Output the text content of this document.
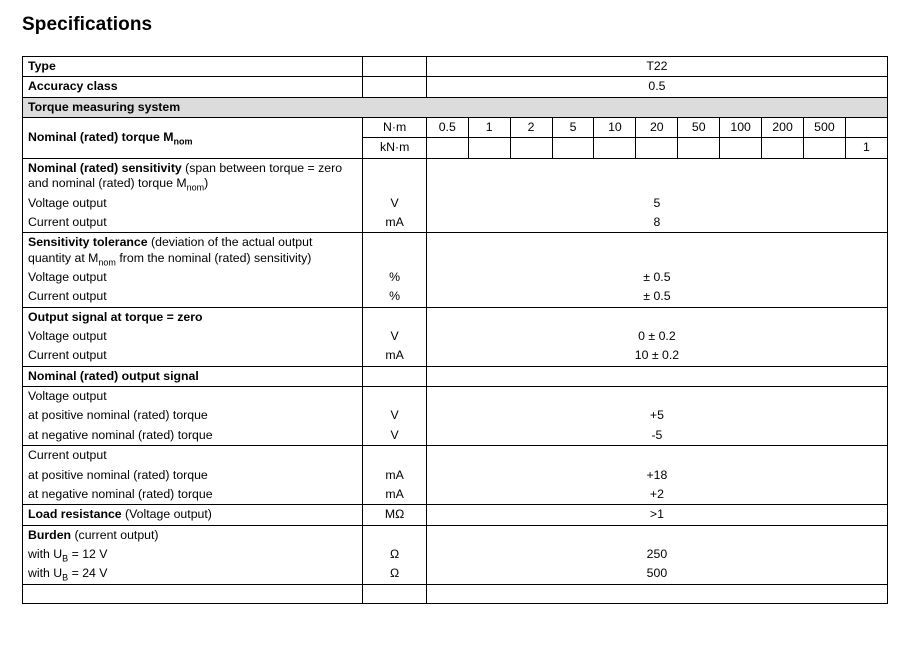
Specifications
Type		T22										
Accuracy class		0.5										
Torque measuring system												
Nominal (rated) torque $M_{nom}$	N·m	0.5	1	2	5	10	20	50	100	200	500	
	kN·m											1
Nominal (rated) sensitivity (span between torque = zero and nominal (rated) torque $M_{nom}$)												
Voltage output	V	5										
Current output	mA	8										
Sensitivity tolerance (deviation of the actual output quantity at $M_{nom}$ from the nominal (rated) sensitivity)												
Voltage output	%	± 0.5										
Current output	%	± 0.5										
Output signal at torque = zero												
Voltage output	V	0 ± 0.2										
Current output	mA	10 ± 0.2										
Nominal (rated) output signal												
Voltage output												
at positive nominal (rated) torque	V	+5										
at negative nominal (rated) torque	V	-5										
Current output												
at positive nominal (rated) torque	mA	+18										
at negative nominal (rated) torque	mA	+2										
Load resistance (Voltage output)	MΩ	>1										
Burden (current output)												
with $U_B = 12$ V	Ω	250										
with $U_B = 24$ V	Ω	500										
